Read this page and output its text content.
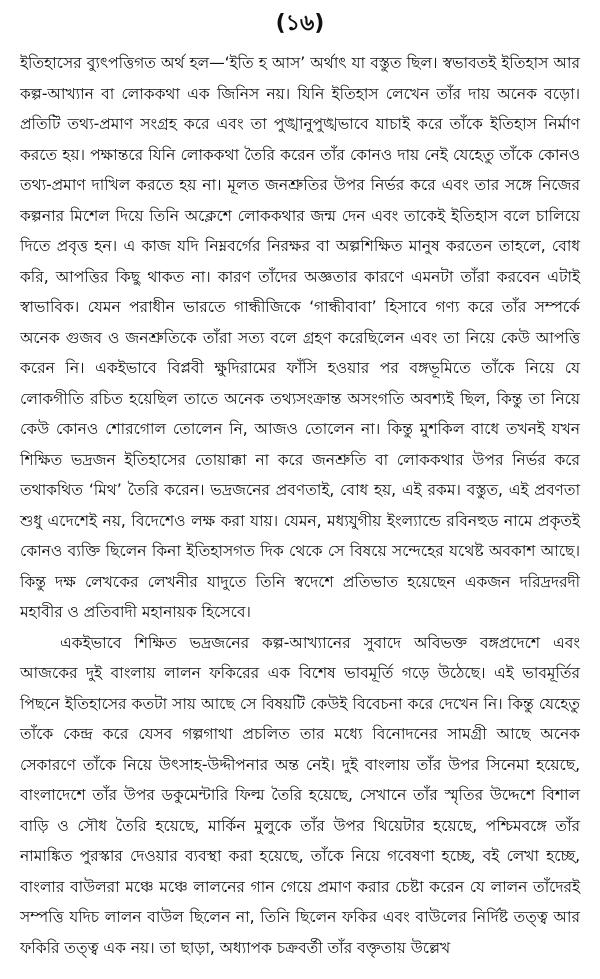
(১৬)

ইতিহাসের ব্যুৎপত্তিগত অর্থ হল—‘ইতি হ আস’ অর্থাৎ যা বস্তুত ছিল। স্বভাবতই ইতিহাস আর কল্প-আখ্যান বা লোককথা এক জিনিস নয়। যিনি ইতিহাস লেখেন তাঁর দায় অনেক বড়ো। প্রতিটি তথ্য-প্রমাণ সংগ্রহ করে এবং তা পুঙ্খানুপুঙ্খভাবে যাচাই করে তাঁকে ইতিহাস নির্মাণ করতে হয়। পক্ষান্তরে যিনি লোককথা তৈরি করেন তাঁর কোনও দায় নেই যেহেতু তাঁকে কোনও তথ্য-প্রমাণ দাখিল করতে হয় না। মূলত জনশ্রুতির উপর নির্ভর করে এবং তার সঙ্গে নিজের কল্পনার মিশেল দিয়ে তিনি অক্লেশে লোককথার জন্ম দেন এবং তাকেই ইতিহাস বলে চালিয়ে দিতে প্রবৃত্ত হন। এ কাজ যদি নিম্নবর্গের নিরক্ষর বা অল্পশিক্ষিত মানুষ করতেন তাহলে, বোধ করি, আপত্তির কিছু থাকত না। কারণ তাঁদের অজ্ঞতার কারণে এমনটা তাঁরা করবেন এটাই স্বাভাবিক। যেমন পরাধীন ভারতে গান্ধীজিকে ‘গান্ধীবাবা’ হিসাবে গণ্য করে তাঁর সম্পর্কে অনেক গুজব ও জনশ্রুতিকে তাঁরা সত্য বলে গ্রহণ করেছিলেন এবং তা নিয়ে কেউ আপত্তি করেন নি। একইভাবে বিপ্লবী ক্ষুদিরামের ফাঁসি হওয়ার পর বঙ্গভূমিতে তাঁকে নিয়ে যে লোকগীতি রচিত হয়েছিল তাতে অনেক তথ্যসংক্রান্ত অসংগতি অবশ্যই ছিল, কিন্তু তা নিয়ে কেউ কোনও শোরগোল তোলেন নি, আজও তোলেন না। কিন্তু মুশকিল বাধে তখনই যখন শিক্ষিত ভদ্রজন ইতিহাসের তোয়াক্কা না করে জনশ্রুতি বা লোককথার উপর নির্ভর করে তথাকথিত ‘মিথ’ তৈরি করেন। ভদ্রজনের প্রবণতাই, বোধ হয়, এই রকম। বস্তুত, এই প্রবণতা শুধু এদেশেই নয়, বিদেশেও লক্ষ করা যায়। যেমন, মধ্যযুগীয় ইংল্যান্ডে রবিনহুড নামে প্রকৃতই কোনও ব্যক্তি ছিলেন কিনা ইতিহাসগত দিক থেকে সে বিষয়ে সন্দেহের যথেষ্ট অবকাশ আছে। কিন্তু দক্ষ লেখকের লেখনীর যাদুতে তিনি স্বদেশে প্রতিভাত হয়েছেন একজন দরিদ্রদরদী মহাবীর ও প্রতিবাদী মহানায়ক হিসেবে।

একইভাবে শিক্ষিত ভদ্রজনের কল্প-আখ্যানের সুবাদে অবিভক্ত বঙ্গপ্রদেশে এবং আজকের দুই বাংলায় লালন ফকিরের এক বিশেষ ভাবমূর্তি গড়ে উঠেছে। এই ভাবমূর্তির পিছনে ইতিহাসের কতটা সায় আছে সে বিষয়টি কেউই বিবেচনা করে দেখেন নি। কিন্তু যেহেতু তাঁকে কেন্দ্র করে যেসব গল্পগাথা প্রচলিত তার মধ্যে বিনোদনের সামগ্রী আছে অনেক সেকারণে তাঁকে নিয়ে উৎসাহ-উদ্দীপনার অন্ত নেই। দুই বাংলায় তাঁর উপর সিনেমা হয়েছে, বাংলাদেশে তাঁর উপর ডকুমেন্টারি ফিল্ম তৈরি হয়েছে, সেখানে তাঁর স্মৃতির উদ্দেশে বিশাল বাড়ি ও সৌধ তৈরি হয়েছে, মার্কিন মুলুকে তাঁর উপর থিয়েটার হয়েছে, পশ্চিমবঙ্গে তাঁর নামাঙ্কিত পুরস্কার দেওয়ার ব্যবস্থা করা হয়েছে, তাঁকে নিয়ে গবেষণা হচ্ছে, বই লেখা হচ্ছে, বাংলার বাউলরা মঞ্চে মঞ্চে লালনের গান গেয়ে প্রমাণ করার চেষ্টা করেন যে লালন তাঁদেরই সম্পত্তি যদিচ লালন বাউল ছিলেন না, তিনি ছিলেন ফকির এবং বাউলের নির্দিষ্ট তত্ত্ব আর ফকিরি তত্ত্ব এক নয়। তা ছাড়া, অধ্যাপক চক্রবর্তী তাঁর বক্তৃতায় উল্লেখ
